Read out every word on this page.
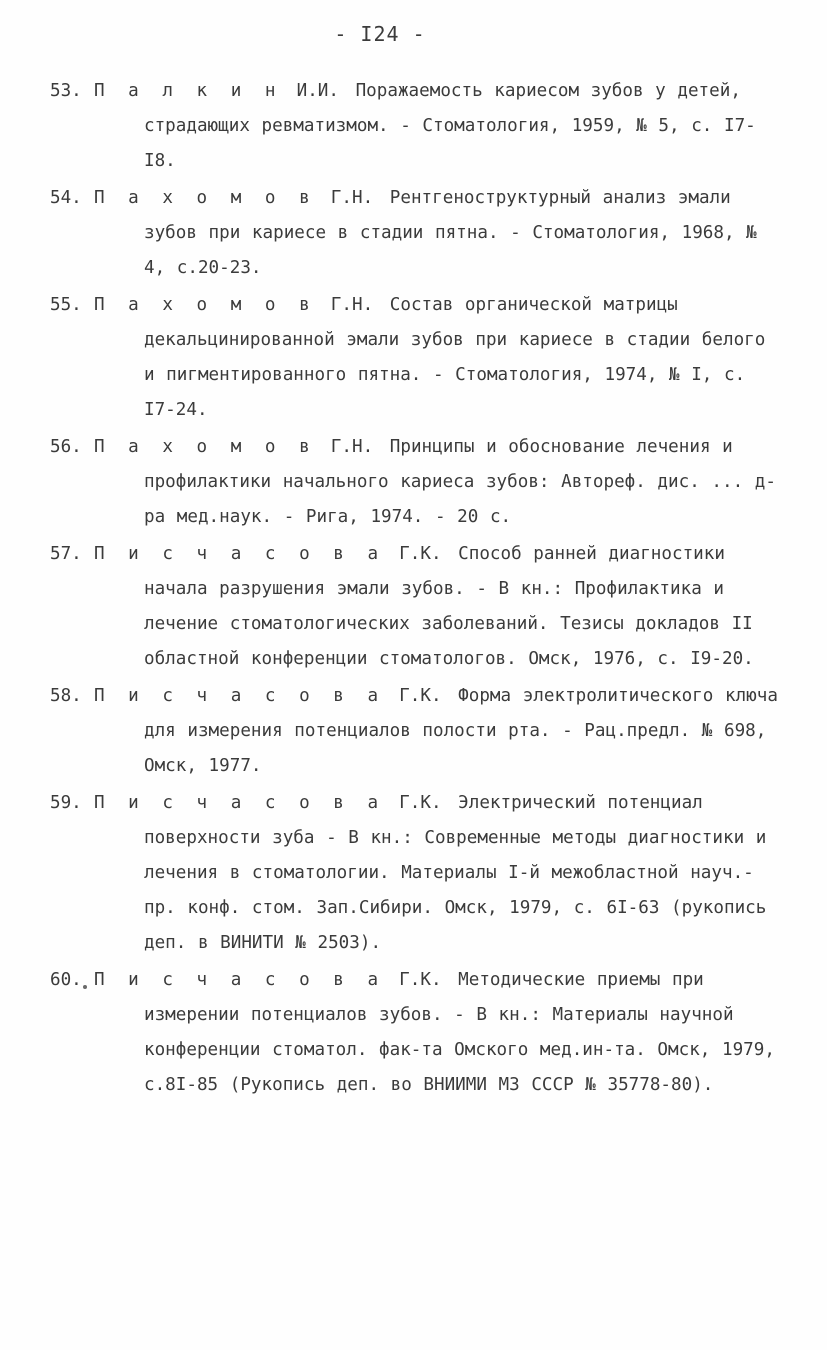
- I24 -
53. П а л к и н И.И. Поражаемость кариесом зубов у детей, страдающих ревматизмом. - Стоматология, 1959, № 5, с. I7-I8.
54. П а х о м о в Г.Н. Рентгеноструктурный анализ эмали зубов при кариесе в стадии пятна. - Стоматология, 1968, № 4, с.20-23.
55. П а х о м о в Г.Н. Состав органической матрицы декальцинированной эмали зубов при кариесе в стадии белого и пигментированного пятна. - Стоматология, 1974, № I, с. I7-24.
56. П а х о м о в Г.Н. Принципы и обоснование лечения и профилактики начального кариеса зубов: Автореф. дис. ... д-ра мед.наук. - Рига, 1974. - 20 с.
57. П и с ч а с о в а Г.К. Способ ранней диагностики начала разрушения эмали зубов. - В кн.: Профилактика и лечение стоматологических заболеваний. Тезисы докладов II областной конференции стоматологов. Омск, 1976, с. I9-20.
58. П и с ч а с о в а Г.К. Форма электролитического ключа для измерения потенциалов полости рта. - Рац.предл. № 698, Омск, 1977.
59. П и с ч а с о в а Г.К. Электрический потенциал поверхности зуба - В кн.: Современные методы диагностики и лечения в стоматологии. Материалы I-й межобластной науч.-пр. конф. стом. Зап.Сибири. Омск, 1979, с. 6I-63 (рукопись деп. в ВИНИТИ № 2503).
60. П и с ч а с о в а Г.К. Методические приемы при измерении потенциалов зубов. - В кн.: Материалы научной конференции стоматол. фак-та Омского мед.ин-та. Омск, 1979, с.8I-85 (Рукопись деп. во ВНИИМИ МЗ СССР № 35778-80).
